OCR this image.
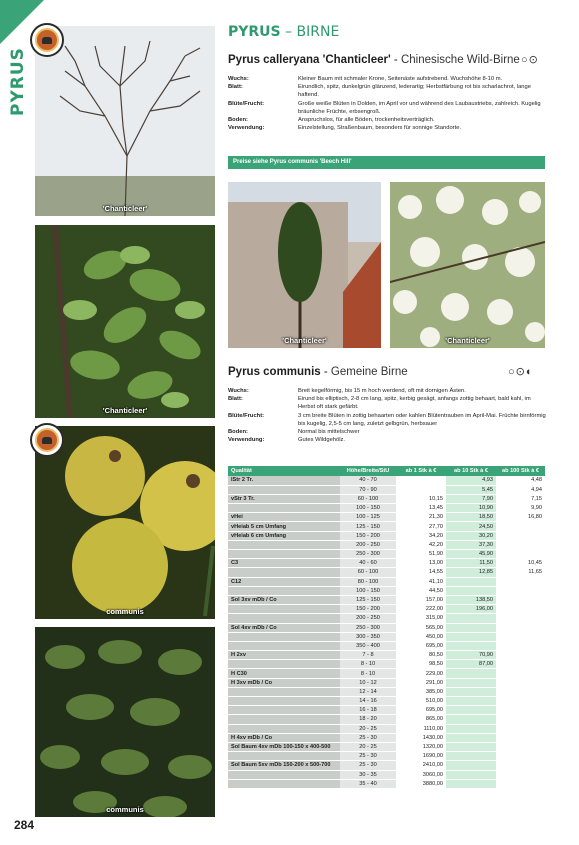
PYRUS
'Chanticleer'
'Chanticleer'
communis
communis
PYRUS – BIRNE
Pyrus calleryana 'Chanticleer' - Chinesische Wild-Birne ○⊙
Wuchs:	Kleiner Baum mit schmaler Krone, Seitenäste aufstrebend. Wuchshöhe 8-10 m.
Blatt:	Eirundlich, spitz, dunkelgrün glänzend, lederartig; Herbstfärbung rot bis scharlachrot, lange haftend.
Blüte/Frucht:	Große weiße Blüten in Dolden, im April vor und während des Laubaustriebs, zahlreich. Kugelig bräunliche Früchte, erbsengroß.
Boden:	Anspruchslos, für alle Böden, trockenheitsverträglich.
Verwendung:	Einzelstellung, Straßenbaum, besonders für sonnige Standorte.
Preise siehe Pyrus communis 'Beech Hill'
'Chanticleer'	'Chanticleer'
Pyrus communis - Gemeine Birne	○⊙◐
Wuchs:	Breit kegelförmig, bis 15 m hoch werdend, oft mit dornigen Ästen.
Blatt:	Eirund bis elliptisch, 2-8 cm lang, spitz, kerbig gesägt, anfangs zottig behaart, bald kahl, im Herbst oft stark gefärbt.
Blüte/Frucht:	3 cm breite Blüten in zottig behaarten oder kahlen Blütentrauben im April-Mai. Früchte birnförmig bis kugelig, 2,5-5 cm lang, zuletzt gelbgrün, herbsauer
Boden:	Normal bis mittelschwer
Verwendung:	Gutes Wildgehölz.
Qualität	Höhe/Breite/StU	ab 1 Stk à €	ab 10 Stk à €	ab 100 Stk à €
lStr 2 Tr.	40 - 70		4,93	4,48
	70 - 90		5,45	4,94
vStr 3 Tr.	60 - 100	10,15	7,90	7,15
	100 - 150	13,45	10,90	9,90
vHei	100 - 125	21,30	18,50	16,80
vHeiab 5 cm Umfang	125 - 150	27,70	24,50	
vHeiab 6 cm Umfang	150 - 200	34,20	30,20	
	200 - 250	42,20	37,30	
	250 - 300	51,90	45,90	
C3	40 - 60	13,00	11,50	10,45
	60 - 100	14,55	12,85	11,65
C12	80 - 100	41,10		
	100 - 150	44,50		
Sol 3xv mDb / Co	125 - 150	157,00	138,50	
	150 - 200	222,00	196,00	
	200 - 250	315,00		
Sol 4xv mDb / Co	250 - 300	565,00		
	300 - 350	450,00		
	350 - 400	695,00		
H 2xv	7 - 8	80,50	70,90	
	8 - 10	98,50	87,00	
H C30	8 - 10	229,00		
H 3xv mDb / Co	10 - 12	291,00		
	12 - 14	385,00		
	14 - 16	510,00		
	16 - 18	695,00		
	18 - 20	865,00		
	20 - 25	1110,00		
H 4xv mDb / Co	25 - 30	1430,00		
Sol Baum 4xv mDb 100-150 x 400-500	20 - 25	1320,00		
	25 - 30	1690,00		
Sol Baum 5xv mDb 150-200 x 500-700	25 - 30	2410,00		
	30 - 35	3060,00		
	35 - 40	3880,00		
284
